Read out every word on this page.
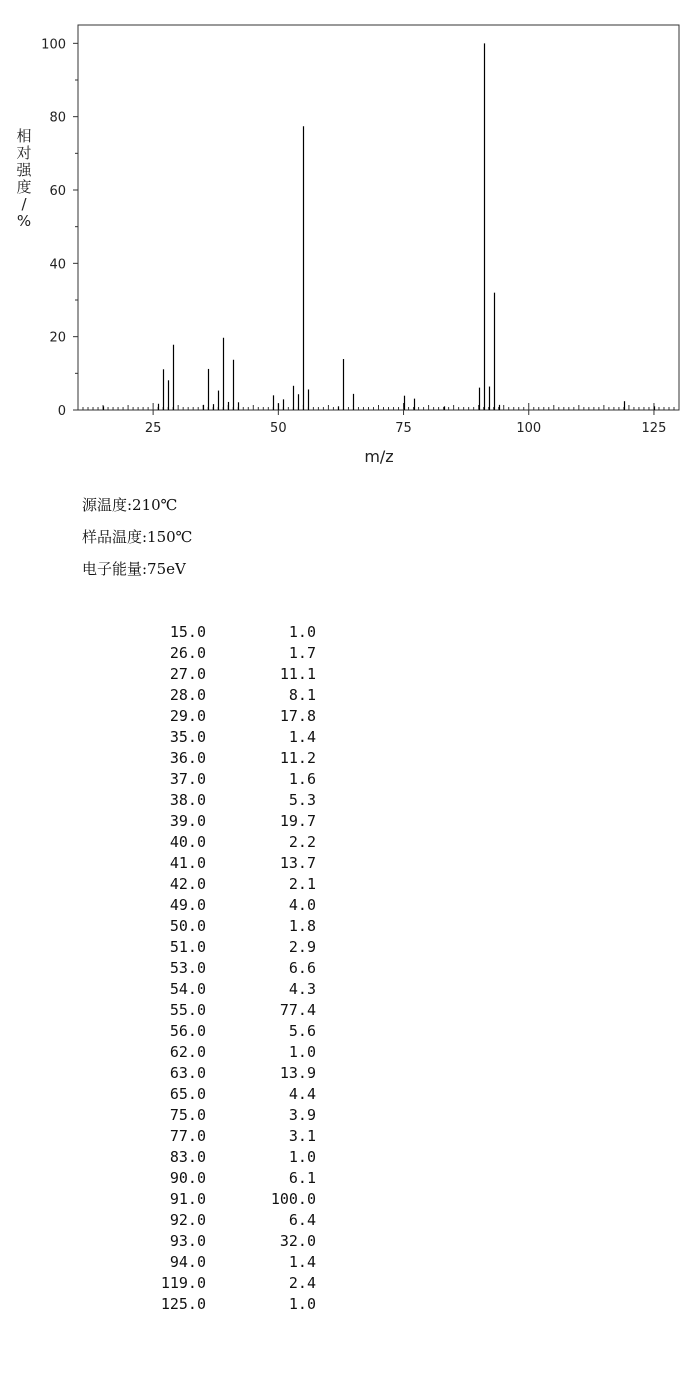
25	50	75	100	125
0
20
40
60
80
100
m/z
相
对
强
度
/
%
源温度:210℃
样品温度:150℃
电子能量:75eV
15.0	1.0
26.0	1.7
27.0	11.1
28.0	8.1
29.0	17.8
35.0	1.4
36.0	11.2
37.0	1.6
38.0	5.3
39.0	19.7
40.0	2.2
41.0	13.7
42.0	2.1
49.0	4.0
50.0	1.8
51.0	2.9
53.0	6.6
54.0	4.3
55.0	77.4
56.0	5.6
62.0	1.0
63.0	13.9
65.0	4.4
75.0	3.9
77.0	3.1
83.0	1.0
90.0	6.1
91.0	100.0
92.0	6.4
93.0	32.0
94.0	1.4
119.0	2.4
125.0	1.0
